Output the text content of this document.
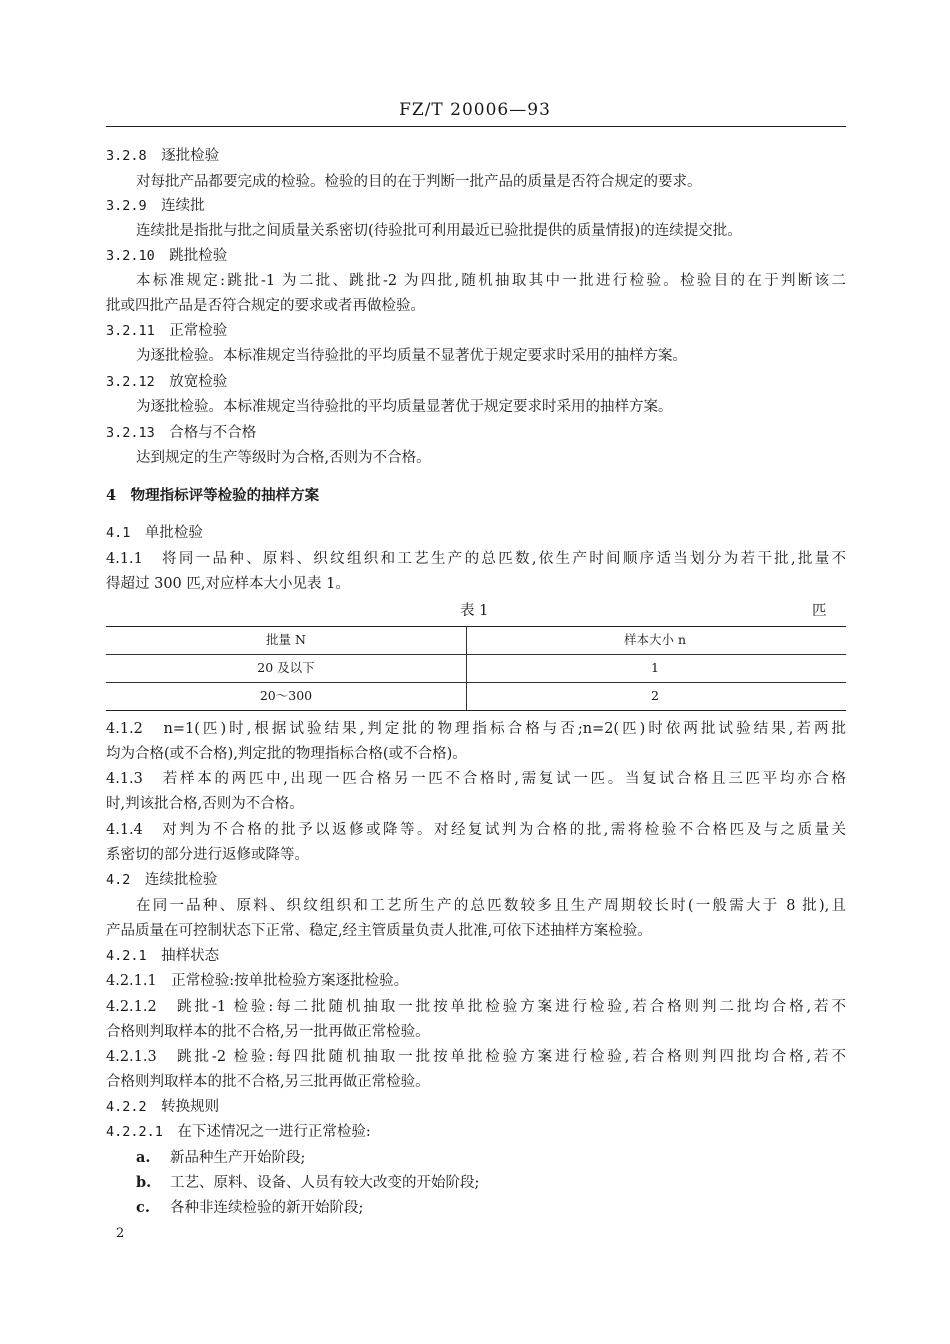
FZ/T 20006—93
3.2.8　 逐批检验
对每批产品都要完成的检验。检验的目的在于判断一批产品的质量是否符合规定的要求。
3.2.9　 连续批
连续批是指批与批之间质量关系密切(待验批可利用最近已验批提供的质量情报)的连续提交批。
3.2.10　 跳批检验
本标准规定:跳批-1 为二批、跳批-2 为四批,随机抽取其中一批进行检验。检验目的在于判断该二
批或四批产品是否符合规定的要求或者再做检验。
3.2.11　 正常检验
为逐批检验。本标准规定当待验批的平均质量不显著优于规定要求时采用的抽样方案。
3.2.12　 放宽检验
为逐批检验。本标准规定当待验批的平均质量显著优于规定要求时采用的抽样方案。
3.2.13　 合格与不合格
达到规定的生产等级时为合格,否则为不合格。
4　 物理指标评等检验的抽样方案
4.1　 单批检验
4.1.1　将同一品种、原料、织纹组织和工艺生产的总匹数,依生产时间顺序适当划分为若干批,批量不
得超过 300 匹,对应样本大小见表 1。
表 1	匹
批量 N	样本大小 n
20 及以下	1
20～300	2
4.1.2　n=1(匹)时,根据试验结果,判定批的物理指标合格与否;n=2(匹)时依两批试验结果,若两批
均为合格(或不合格),判定批的物理指标合格(或不合格)。
4.1.3　若样本的两匹中,出现一匹合格另一匹不合格时,需复试一匹。当复试合格且三匹平均亦合格
时,判该批合格,否则为不合格。
4.1.4　对判为不合格的批予以返修或降等。对经复试判为合格的批,需将检验不合格匹及与之质量关
系密切的部分进行返修或降等。
4.2　 连续批检验
在同一品种、原料、织纹组织和工艺所生产的总匹数较多且生产周期较长时(一般需大于 8 批),且
产品质量在可控制状态下正常、稳定,经主管质量负责人批准,可依下述抽样方案检验。
4.2.1　 抽样状态
4.2.1.1　正常检验:按单批检验方案逐批检验。
4.2.1.2　跳批-1 检验:每二批随机抽取一批按单批检验方案进行检验,若合格则判二批均合格,若不
合格则判取样本的批不合格,另一批再做正常检验。
4.2.1.3　跳批-2 检验:每四批随机抽取一批按单批检验方案进行检验,若合格则判四批均合格,若不
合格则判取样本的批不合格,另三批再做正常检验。
4.2.2　 转换规则
4.2.2.1　 在下述情况之一进行正常检验:
a. 新品种生产开始阶段;
b. 工艺、原料、设备、人员有较大改变的开始阶段;
c. 各种非连续检验的新开始阶段;
2
